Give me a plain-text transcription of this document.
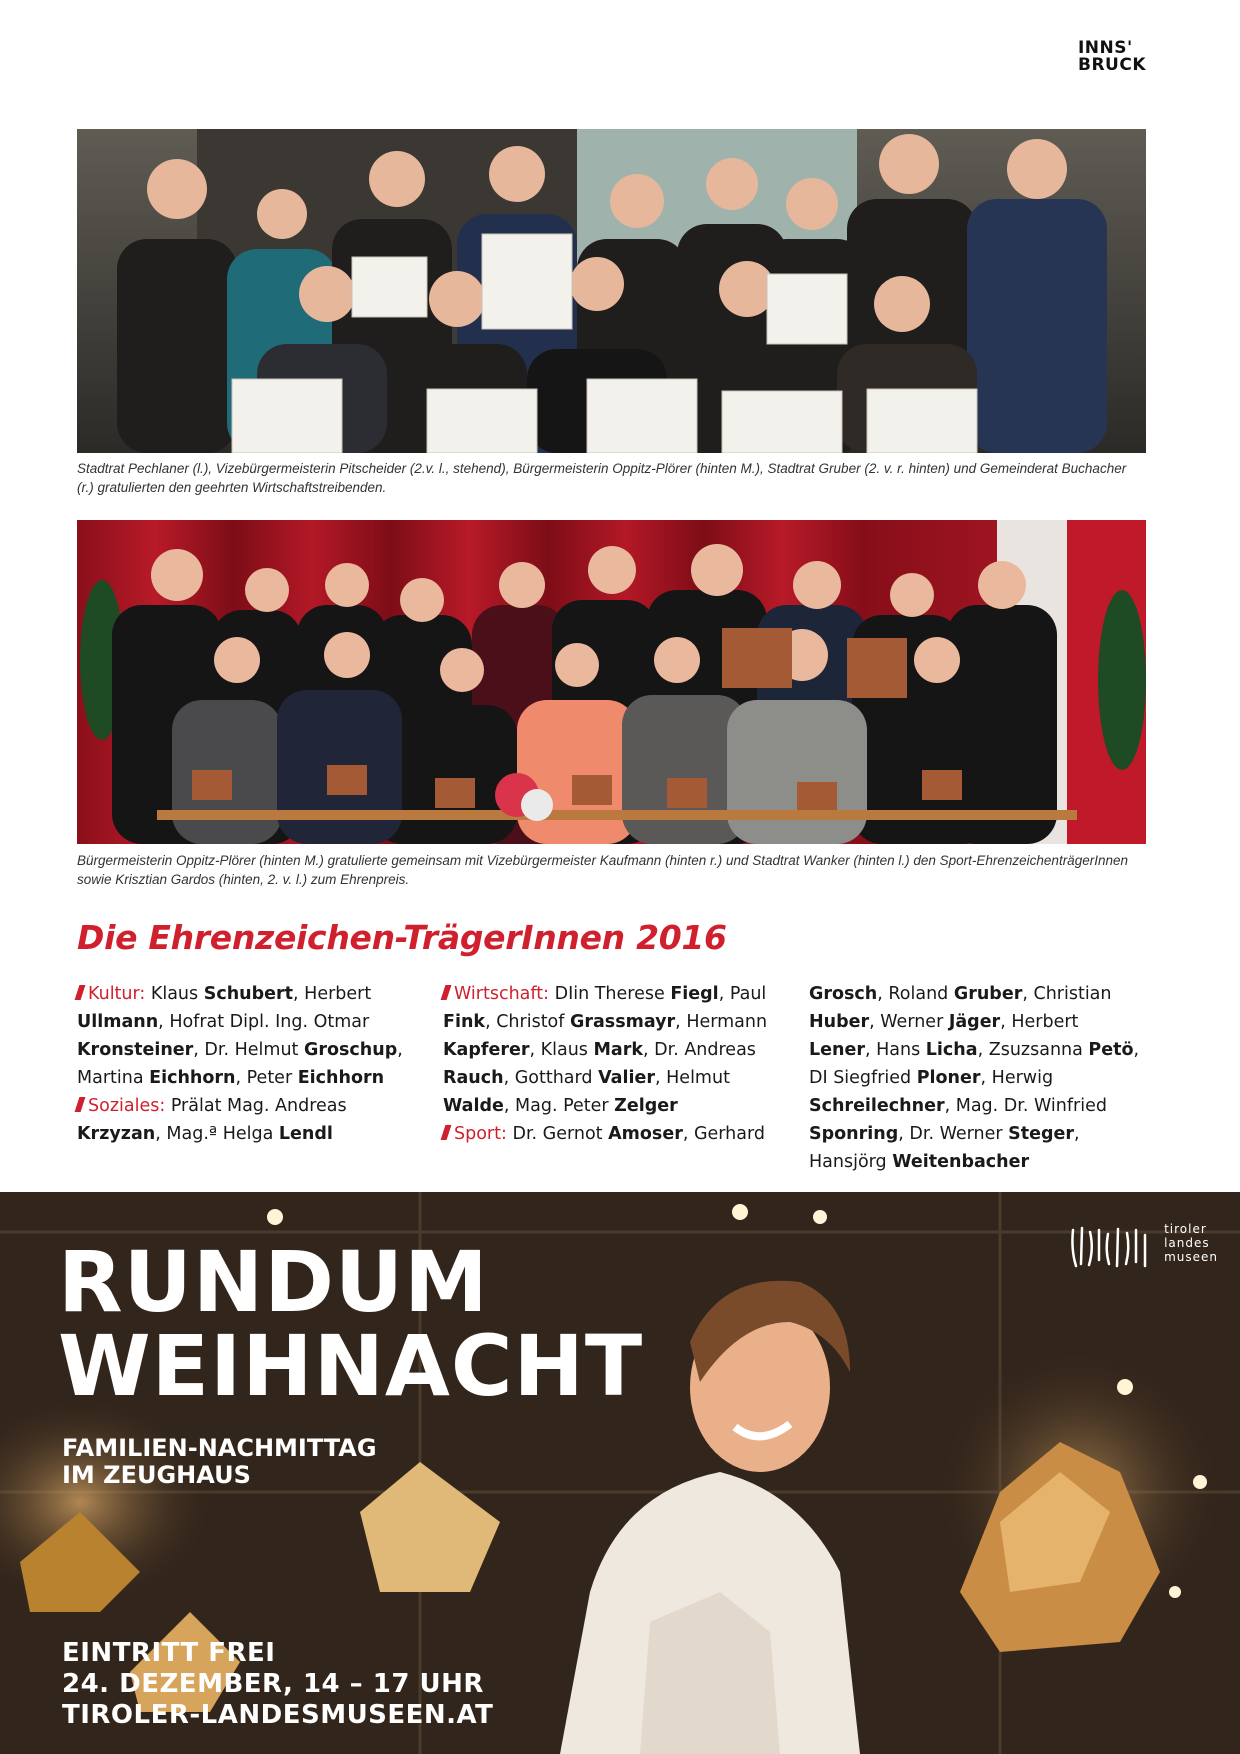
INNS'
BRUCK
Stadtrat Pechlaner (l.), Vizebürgermeisterin Pitscheider (2.v. l., stehend), Bürgermeisterin Oppitz-Plörer (hinten M.), Stadtrat Gruber (2. v. r. hinten) und Gemeinderat Buchacher (r.) gratulierten den geehrten Wirtschaftstreibenden.
Bürgermeisterin Oppitz-Plörer (hinten M.) gratulierte gemeinsam mit Vizebürgermeister Kaufmann (hinten r.) und Stadtrat Wanker (hinten l.) den Sport-EhrenzeichenträgerInnen sowie Krisztian Gardos (hinten, 2. v. l.) zum Ehrenpreis.
Die Ehrenzeichen-TrägerInnen 2016
Kultur: Klaus Schubert, Herbert Ullmann, Hofrat Dipl. Ing. Otmar Kronsteiner, Dr. Helmut Groschup, Martina Eichhorn, Peter Eichhorn
Soziales: Prälat Mag. Andreas Krzyzan, Mag.ª Helga Lendl
Wirtschaft: DIin Therese Fiegl, Paul Fink, Christof Grassmayr, Hermann Kapferer, Klaus Mark, Dr. Andreas Rauch, Gotthard Valier, Helmut Walde, Mag. Peter Zelger
Sport: Dr. Gernot Amoser, Gerhard
Grosch, Roland Gruber, Christian Huber, Werner Jäger, Herbert Lener, Hans Licha, Zsuzsanna Petö, DI Siegfried Ploner, Herwig Schreilechner, Mag. Dr. Winfried Sponring, Dr. Werner Steger, Hansjörg Weitenbacher
RUNDUM
WEIHNACHT
FAMILIEN-NACHMITTAG
IM ZEUGHAUS
EINTRITT FREI
24. DEZEMBER, 14 – 17 UHR
TIROLER-LANDESMUSEEN.AT
tiroler
landes
museen
